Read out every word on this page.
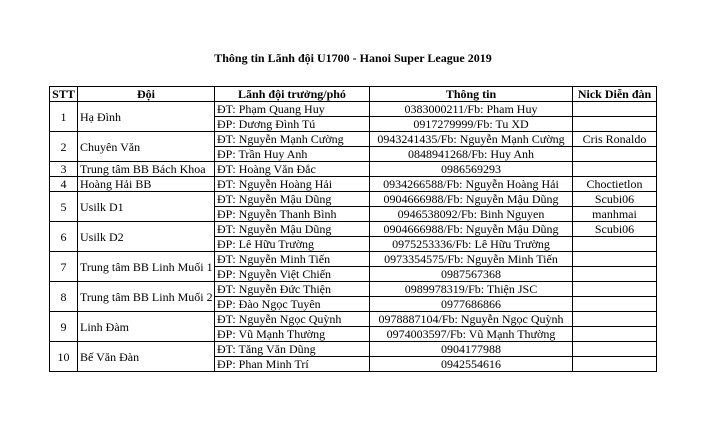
Thông tin Lãnh đội U1700 - Hanoi Super League 2019
STT	Đội	Lãnh đội trưởng/phó	Thông tin	Nick Diễn đàn
1	Hạ Đình	ĐT: Phạm Quang Huy	0383000211/Fb: Pham Huy	
		ĐP: Dương Đình Tú	0917279999/Fb: Tu XD	
2	Chuyên Văn	ĐT: Nguyễn Mạnh Cường	0943241435/Fb: Nguyễn Mạnh Cường	Cris Ronaldo
		ĐP: Trần Huy Anh	0848941268/Fb: Huy Anh	
3	Trung tâm BB Bách Khoa	ĐT: Hoàng Văn Đắc	0986569293	
4	Hoàng Hải BB	ĐT: Nguyễn Hoàng Hải	0934266588/Fb: Nguyễn Hoàng Hải	Choctietlon
5	Usilk D1	ĐT: Nguyễn Mậu Dũng	0904666988/Fb: Nguyễn Mậu Dũng	Scubi06
		ĐP: Nguyễn Thanh Bình	0946538092/Fb: Binh Nguyen	manhmai
6	Usilk D2	ĐT: Nguyễn Mậu Dũng	0904666988/Fb: Nguyễn Mậu Dũng	Scubi06
		ĐP: Lê Hữu Trường	0975253336/Fb: Lê Hữu Trường	
7	Trung tâm BB Linh Muối 1	ĐT: Nguyễn Minh Tiến	0973354575/Fb: Nguyễn Minh Tiến	
		ĐP: Nguyễn Việt Chiến	0987567368	
8	Trung tâm BB Linh Muối 2	ĐT: Nguyễn Đức Thiện	0989978319/Fb: Thiện JSC	
		ĐP: Đào Ngọc Tuyên	0977686866	
9	Linh Đàm	ĐT: Nguyễn Ngọc Quỳnh	0978887104/Fb: Nguyễn Ngọc Quỳnh	
		ĐP: Vũ Mạnh Thường	0974003597/Fb: Vũ Mạnh Thường	
10	Bế Văn Đàn	ĐT: Tăng Văn Dũng	0904177988	
		ĐP: Phan Minh Trí	0942554616	
